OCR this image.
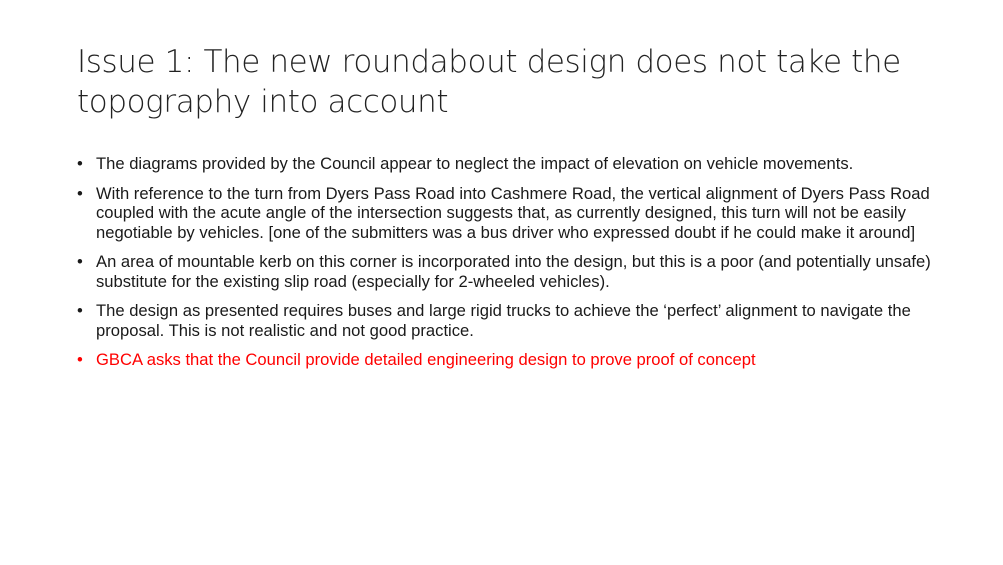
Issue 1: The new roundabout design does not take the topography into account
• The diagrams provided by the Council appear to neglect the impact of elevation on vehicle movements.
• With reference to the turn from Dyers Pass Road into Cashmere Road, the vertical alignment of Dyers Pass Road coupled with the acute angle of the intersection suggests that, as currently designed, this turn will not be easily negotiable by vehicles. [one of the submitters was a bus driver who expressed doubt if he could make it around]
• An area of mountable kerb on this corner is incorporated into the design, but this is a poor (and potentially unsafe) substitute for the existing slip road (especially for 2-wheeled vehicles).
• The design as presented requires buses and large rigid trucks to achieve the ‘perfect’ alignment to navigate the proposal. This is not realistic and not good practice.
• GBCA asks that the Council provide detailed engineering design to prove proof of concept
